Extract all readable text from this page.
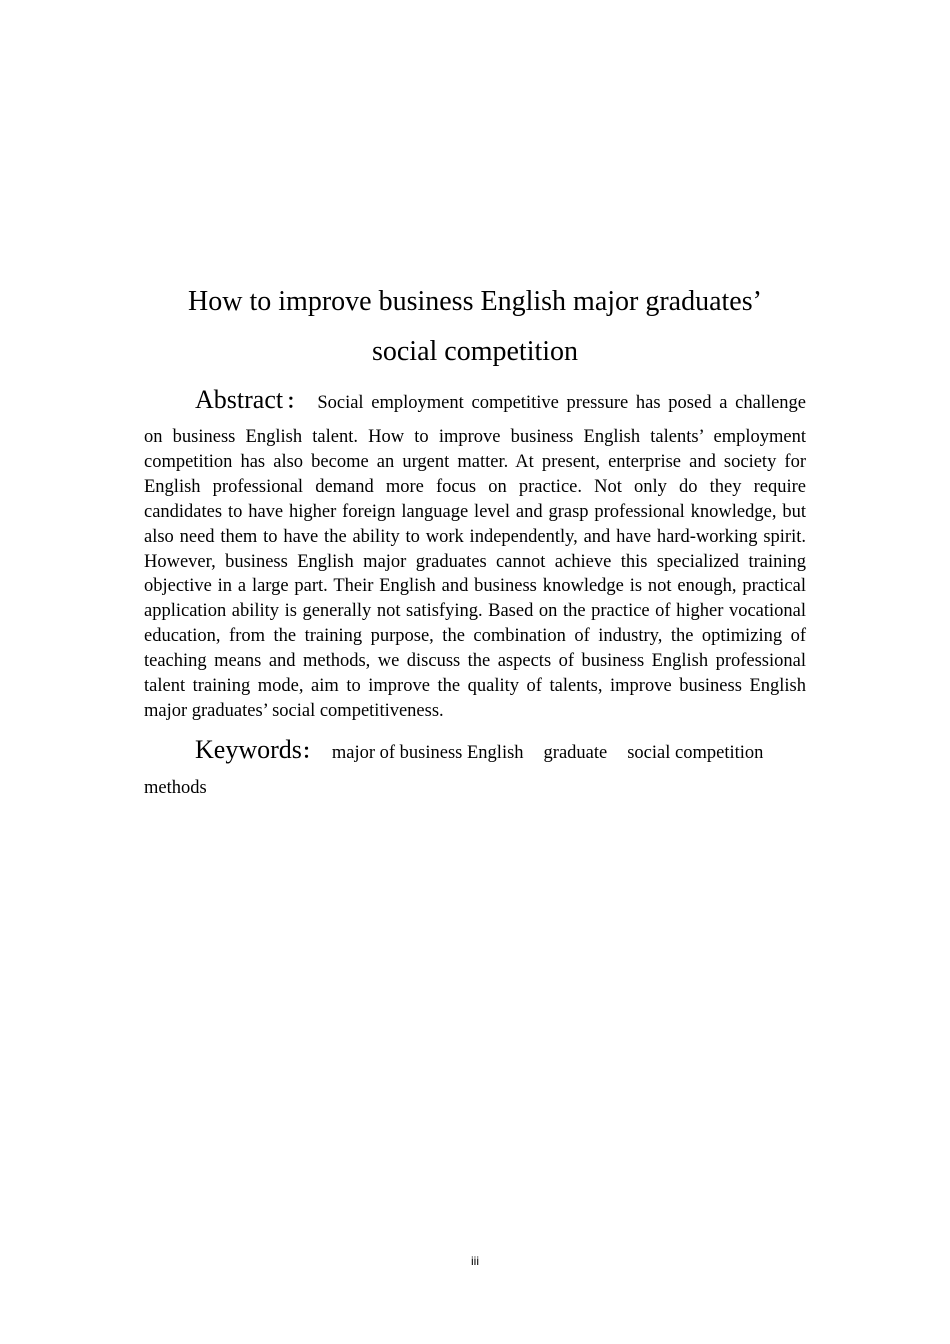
How to improve business English major graduates’
social competition
Abstract： Social employment competitive pressure has posed a challenge
on business English talent. How to improve business English talents’ employment competition has also become an urgent matter. At present, enterprise and society for English professional demand more focus on practice. Not only do they require candidates to have higher foreign language level and grasp professional knowledge, but also need them to have the ability to work independently, and have hard-working spirit. However, business English major graduates cannot achieve this specialized training objective in a large part. Their English and business knowledge is not enough, practical application ability is generally not satisfying. Based on the practice of higher vocational education, from the training purpose, the combination of industry, the optimizing of teaching means and methods, we discuss the aspects of business English professional talent training mode, aim to improve the quality of talents, improve business English major graduates’ social competitiveness.
Keywords： major of business English graduate social competition
methods
iii
